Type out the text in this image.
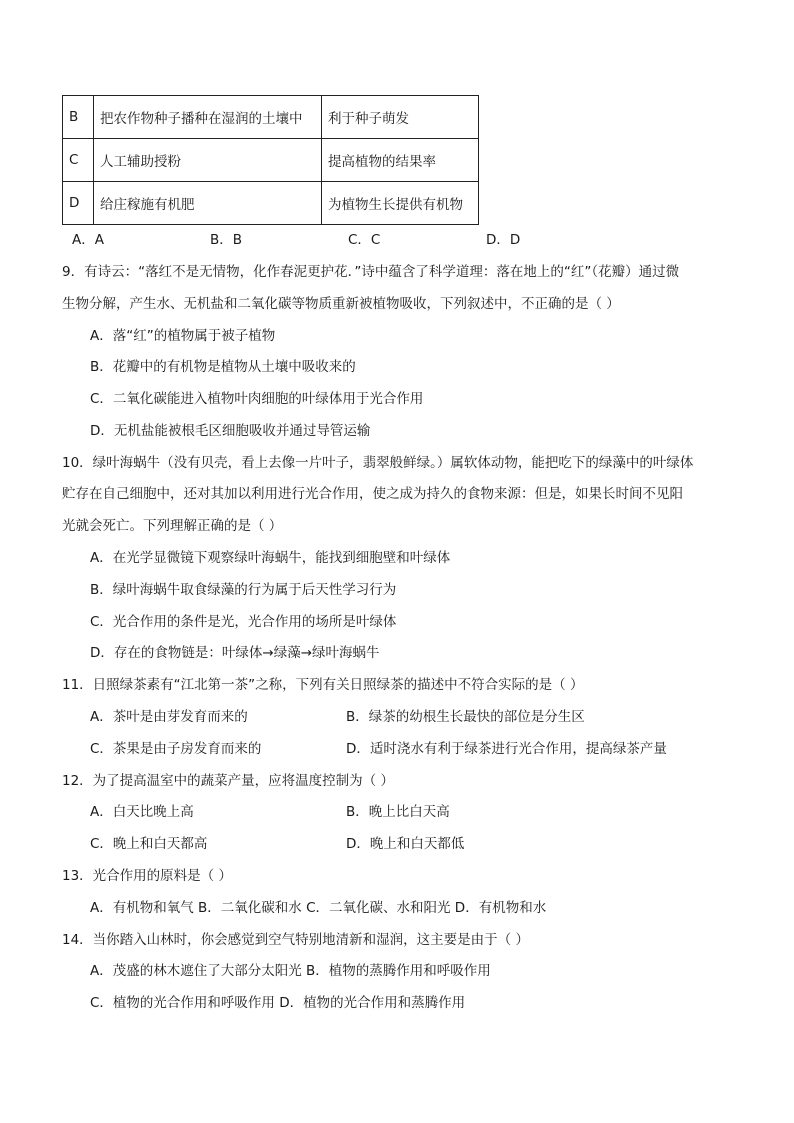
B	把农作物种子播种在湿润的土壤中	利于种子萌发
C	人工辅助授粉	提高植物的结果率
D	给庄稼施有机肥	为植物生长提供有机物
A．A	B．B	C．C	D．D
9．有诗云：“落红不是无情物，化作春泥更护花．”诗中蕴含了科学道理：落在地上的“红”（花瓣）通过微
生物分解，产生水、无机盐和二氧化碳等物质重新被植物吸收，下列叙述中，不正确的是（ ）
A．落“红”的植物属于被子植物
B．花瓣中的有机物是植物从土壤中吸收来的
C．二氧化碳能进入植物叶肉细胞的叶绿体用于光合作用
D．无机盐能被根毛区细胞吸收并通过导管运输
10．绿叶海蜗牛（没有贝壳，看上去像一片叶子，翡翠般鲜绿。）属软体动物，能把吃下的绿藻中的叶绿体
贮存在自己细胞中，还对其加以利用进行光合作用，使之成为持久的食物来源：但是，如果长时间不见阳
光就会死亡。下列理解正确的是（ ）
A．在光学显微镜下观察绿叶海蜗牛，能找到细胞壁和叶绿体
B．绿叶海蜗牛取食绿藻的行为属于后天性学习行为
C．光合作用的条件是光，光合作用的场所是叶绿体
D．存在的食物链是：叶绿体→绿藻→绿叶海蜗牛
11．日照绿茶素有“江北第一茶”之称，下列有关日照绿茶的描述中不符合实际的是（ ）
A．茶叶是由芽发育而来的	B．绿茶的幼根生长最快的部位是分生区
C．茶果是由子房发育而来的	D．适时浇水有利于绿茶进行光合作用，提高绿茶产量
12．为了提高温室中的蔬菜产量，应将温度控制为（ ）
A．白天比晚上高	B．晚上比白天高
C．晚上和白天都高	D．晚上和白天都低
13．光合作用的原料是（ ）
A．有机物和氧气 B．二氧化碳和水 C．二氧化碳、水和阳光 D．有机物和水
14．当你踏入山林时，你会感觉到空气特别地清新和湿润，这主要是由于（ ）
A．茂盛的林木遮住了大部分太阳光 B．植物的蒸腾作用和呼吸作用
C．植物的光合作用和呼吸作用 D．植物的光合作用和蒸腾作用
